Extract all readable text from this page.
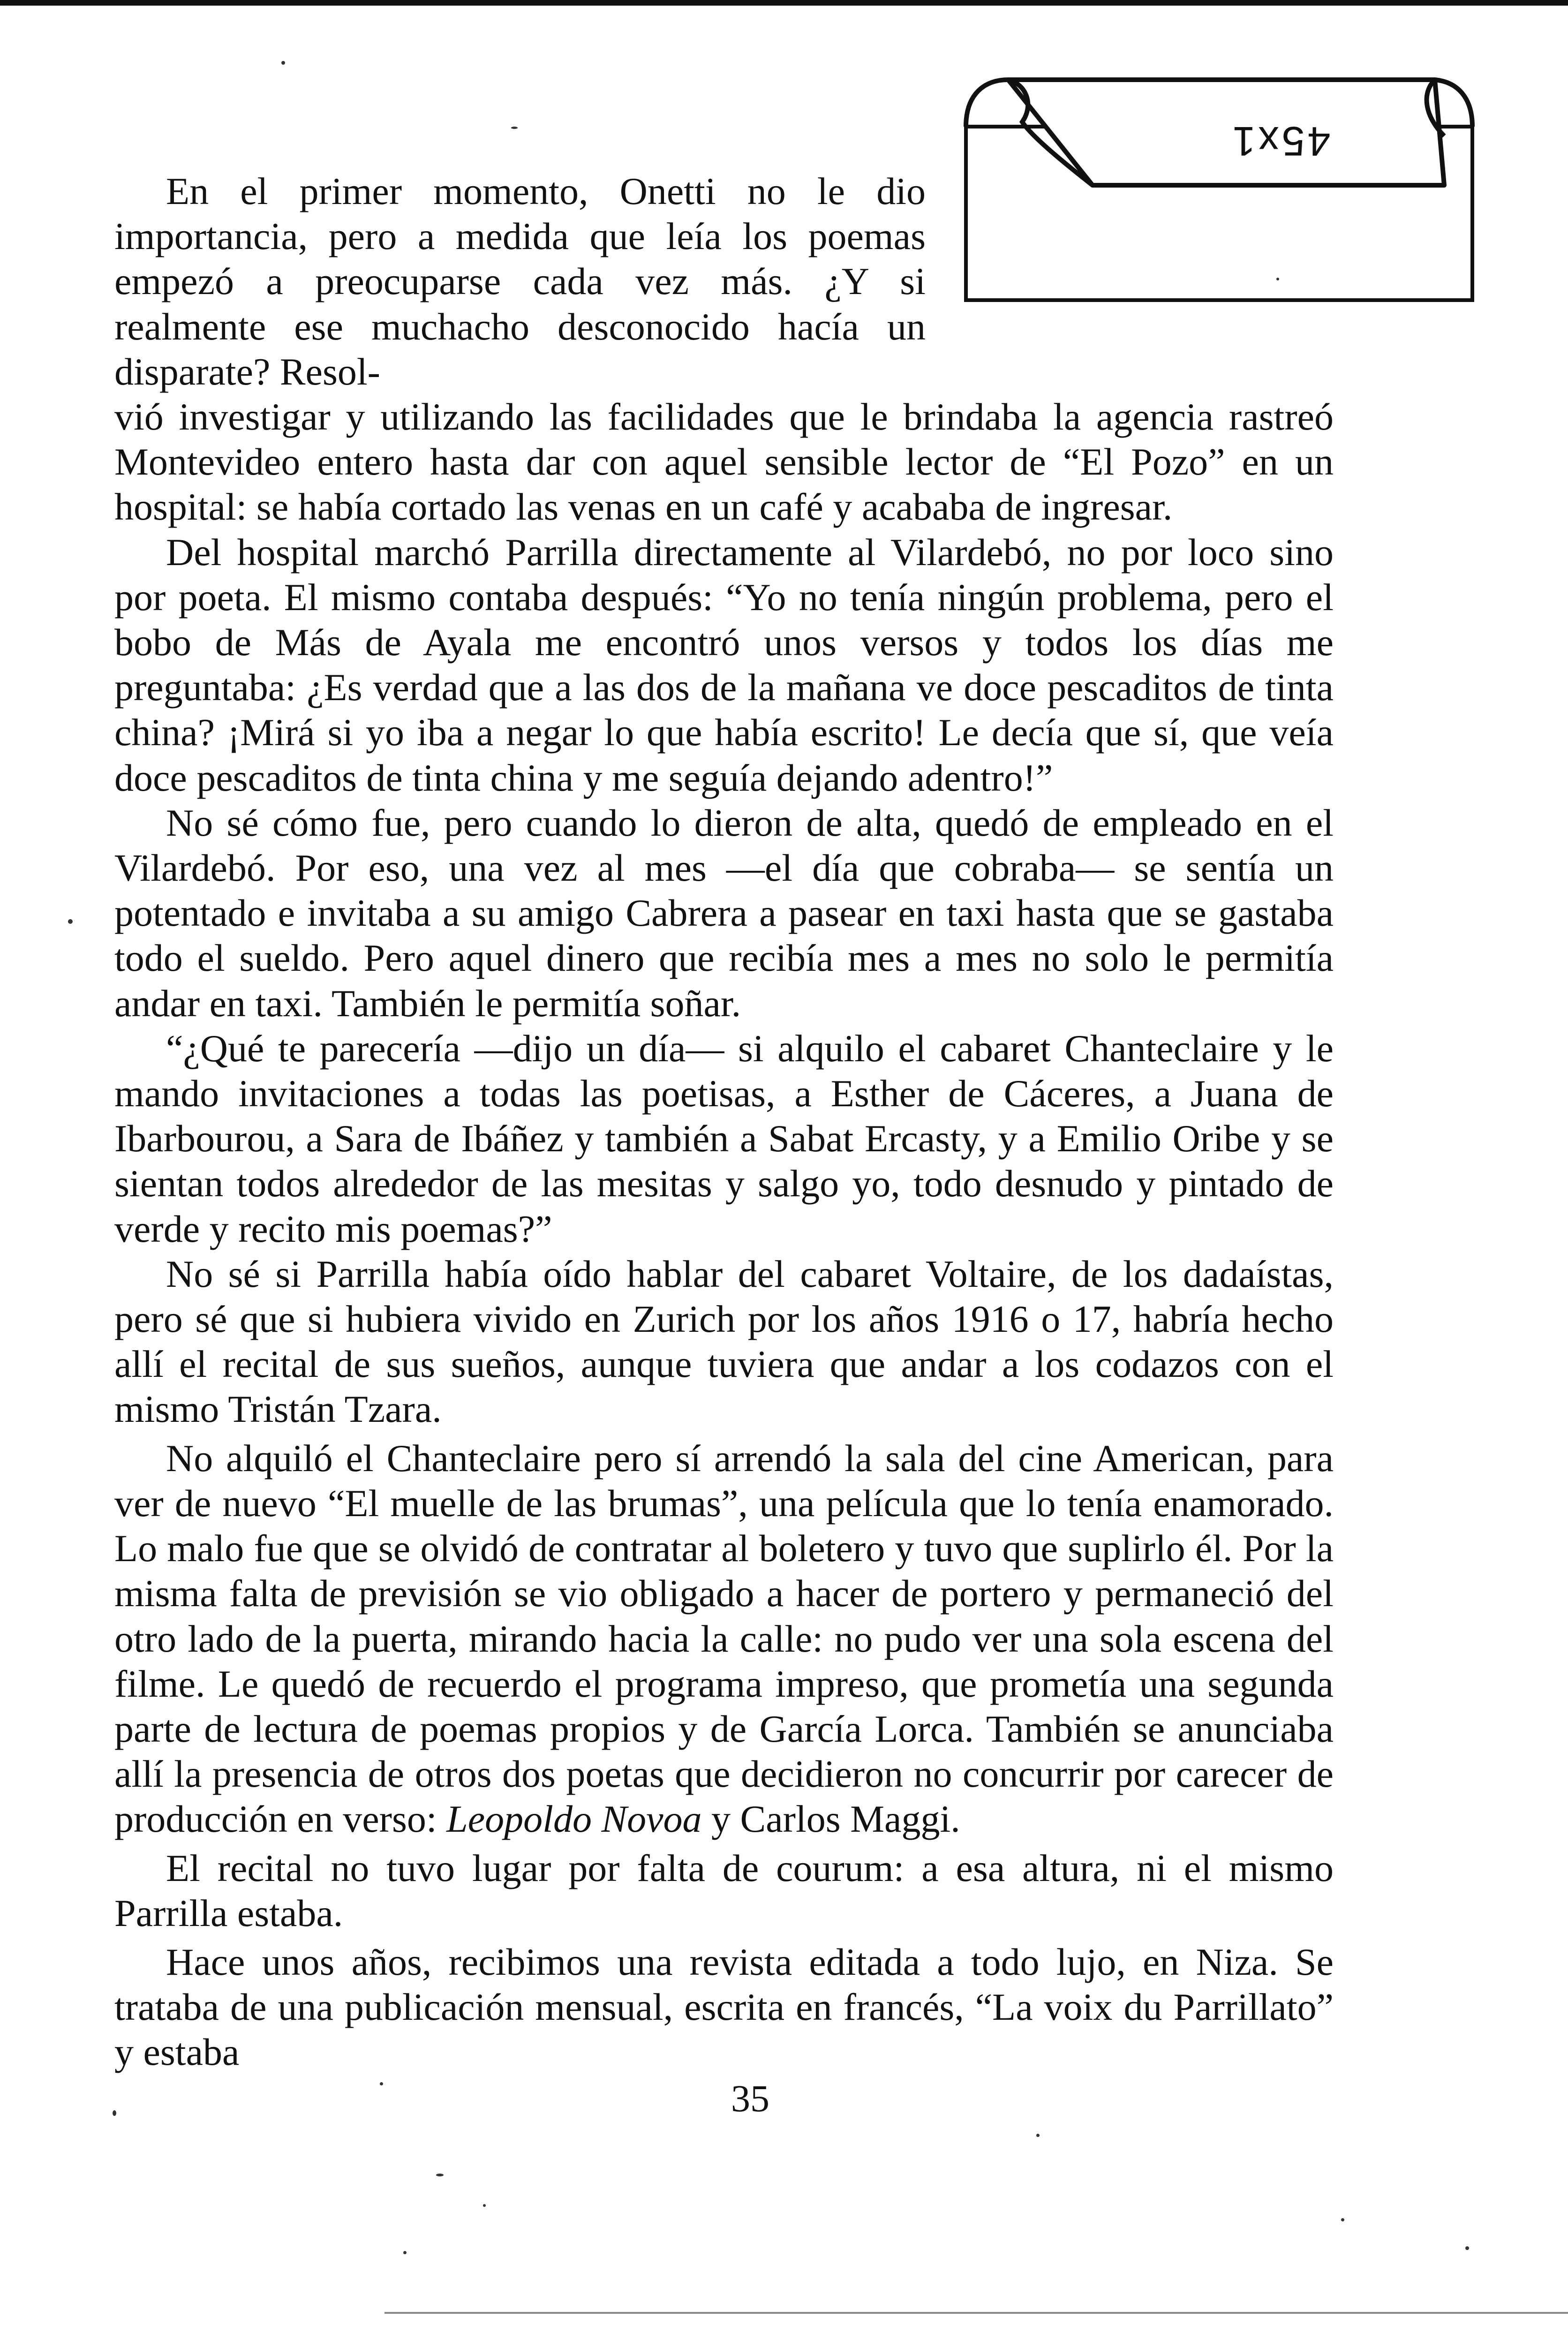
45x1

En el primer momento, Onetti no le dio importancia, pero a medida que leía los poemas empezó a preocuparse cada vez más. ¿Y si realmente ese muchacho desconocido hacía un disparate? Resol-

vió investigar y utilizando las facilidades que le brindaba la agencia rastreó Montevideo entero hasta dar con aquel sensible lector de “El Pozo” en un hospital: se había cortado las venas en un café y acababa de ingresar.

Del hospital marchó Parrilla directamente al Vilardebó, no por loco sino por poeta. El mismo contaba después: “Yo no tenía ningún problema, pero el bobo de Más de Ayala me encontró unos versos y todos los días me preguntaba: ¿Es verdad que a las dos de la mañana ve doce pescaditos de tinta china? ¡Mirá si yo iba a negar lo que había escrito! Le decía que sí, que veía doce pescaditos de tinta china y me seguía dejando adentro!”

No sé cómo fue, pero cuando lo dieron de alta, quedó de empleado en el Vilardebó. Por eso, una vez al mes —el día que cobraba— se sentía un potentado e invitaba a su amigo Cabrera a pasear en taxi hasta que se gastaba todo el sueldo. Pero aquel dinero que recibía mes a mes no solo le permitía andar en taxi. También le permitía soñar.

“¿Qué te parecería —dijo un día— si alquilo el cabaret Chanteclaire y le mando invitaciones a todas las poetisas, a Esther de Cáceres, a Juana de Ibarbourou, a Sara de Ibáñez y también a Sabat Ercasty, y a Emilio Oribe y se sientan todos alrededor de las mesitas y salgo yo, todo desnudo y pintado de verde y recito mis poemas?”

No sé si Parrilla había oído hablar del cabaret Voltaire, de los dadaístas, pero sé que si hubiera vivido en Zurich por los años 1916 o 17, habría hecho allí el recital de sus sueños, aunque tuviera que andar a los codazos con el mismo Tristán Tzara.

No alquiló el Chanteclaire pero sí arrendó la sala del cine American, para ver de nuevo “El muelle de las brumas”, una película que lo tenía enamorado. Lo malo fue que se olvidó de contratar al boletero y tuvo que suplirlo él. Por la misma falta de previsión se vio obligado a hacer de portero y permaneció del otro lado de la puerta, mirando hacia la calle: no pudo ver una sola escena del filme. Le quedó de recuerdo el programa impreso, que prometía una segunda parte de lectura de poemas propios y de García Lorca. También se anunciaba allí la presencia de otros dos poetas que decidieron no concurrir por carecer de producción en verso: Leopoldo Novoa y Carlos Maggi.

El recital no tuvo lugar por falta de courum: a esa altura, ni el mismo Parrilla estaba.

Hace unos años, recibimos una revista editada a todo lujo, en Niza. Se trataba de una publicación mensual, escrita en francés, “La voix du Parrillato” y estaba

35
